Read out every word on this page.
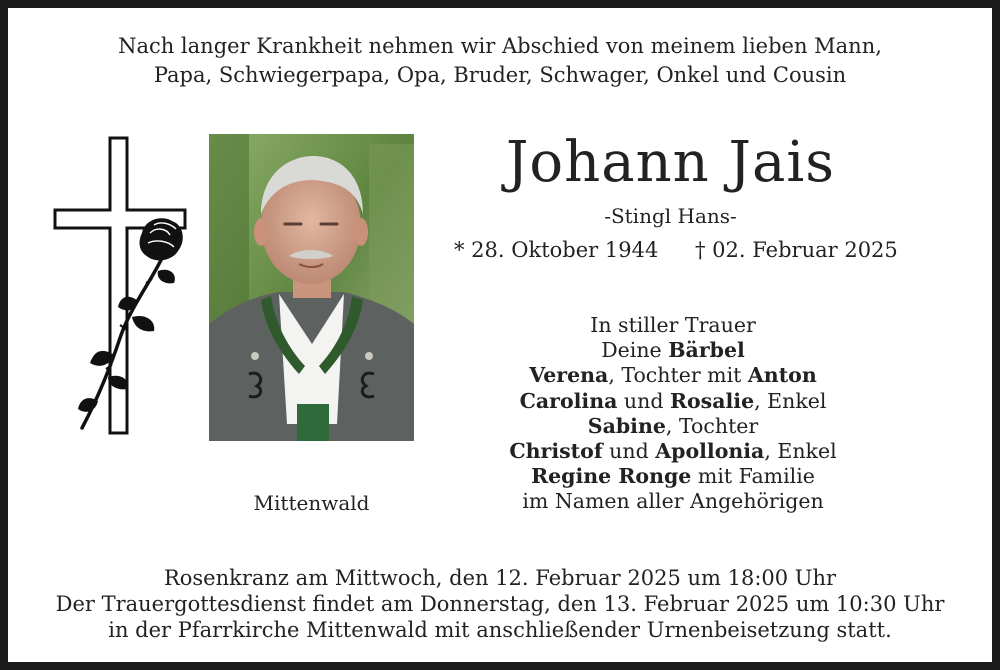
Nach langer Krankheit nehmen wir Abschied von meinem lieben Mann,
Papa, Schwiegerpapa, Opa, Bruder, Schwager, Onkel und Cousin
Mittenwald
Johann Jais
-Stingl Hans-
* 28. Oktober 1944 † 02. Februar 2025
In stiller Trauer
Deine Bärbel
Verena, Tochter mit Anton
Carolina und Rosalie, Enkel
Sabine, Tochter
Christof und Apollonia, Enkel
Regine Ronge mit Familie
im Namen aller Angehörigen
Rosenkranz am Mittwoch, den 12. Februar 2025 um 18:00 Uhr
Der Trauergottesdienst findet am Donnerstag, den 13. Februar 2025 um 10:30 Uhr
in der Pfarrkirche Mittenwald mit anschließender Urnenbeisetzung statt.
